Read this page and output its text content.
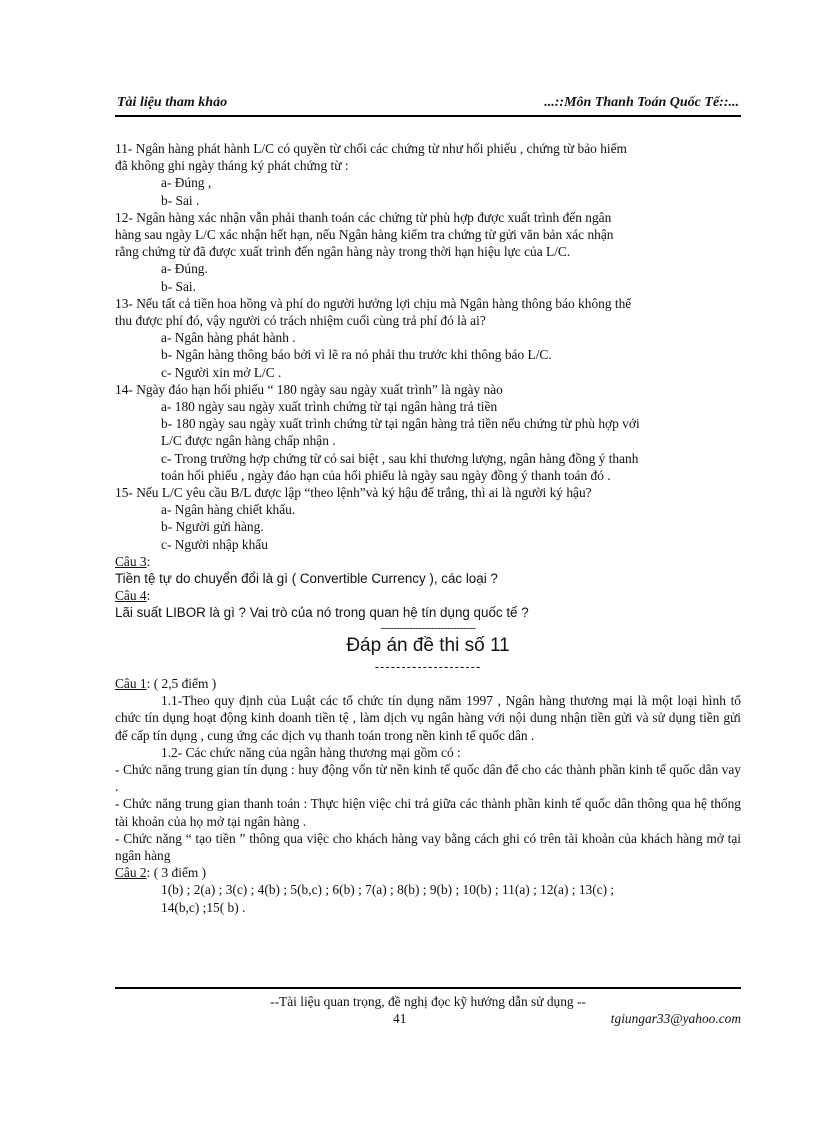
Tài liệu tham khảo	...::Môn Thanh Toán Quốc Tế::...

11- Ngân hàng phát hành L/C có quyền từ chối các chứng từ như hối phiếu , chứng từ bảo hiểm

đã không ghi ngày tháng ký phát chứng từ :

a- Đúng ,

b- Sai .

12- Ngân hàng xác nhận vẫn phải thanh toán các chứng từ phù hợp được xuất trình đến ngân

hàng sau ngày L/C xác nhận hết hạn, nếu Ngân hàng kiểm tra chứng từ gửi văn bản xác nhận

rằng chứng từ đã được xuất trình đến ngân hàng này trong thời hạn hiệu lực của L/C.

a- Đúng.

b- Sai.

13- Nếu tất cả tiền hoa hồng và phí do người hưởng lợi chịu mà Ngân hàng thông báo không thể

thu được phí đó, vậy người có trách nhiệm cuối cùng trả phí đó là ai?

a- Ngân hàng phát hành .

b- Ngân hàng thông báo bởi vì lẽ ra nó phải thu trước khi thông báo L/C.

c- Người xin mở L/C .

14- Ngày đáo hạn hối phiếu “ 180 ngày sau ngày xuất trình” là ngày nào

a- 180 ngày sau ngày xuất trình chứng từ tại ngân hàng trả tiền

b- 180 ngày sau ngày xuất trình chứng từ tại ngân hàng trả tiền nếu chứng từ phù hợp với

L/C được ngân hàng chấp nhận .

c- Trong trường hợp chứng từ có sai biệt , sau khi thương lượng, ngân hàng đồng ý thanh

toán hối phiếu , ngày đáo hạn của hối phiếu là ngày sau ngày đồng ý thanh toán đó .

15- Nếu L/C yêu cầu B/L được lập “theo lệnh”và ký hậu để trắng, thì ai là người ký hậu?

a- Ngân hàng chiết khấu.

b- Người gửi hàng.

c- Người nhập khẩu

Câu 3:

Tiền tệ tự do chuyển đổi là gì ( Convertible Currency ), các loại ?

Câu 4:

Lãi suất LIBOR là gì ? Vai trò của nó trong quan hệ tín dụng quốc tế ?

------------------------------

Đáp án đề thi số 11

--------------------

Câu 1: ( 2,5 điểm )

1.1-Theo quy định của Luật các tổ chức tín dụng năm 1997 , Ngân hàng thương mại là một loại hình tổ chức tín dụng hoạt động kinh doanh tiền tệ , làm dịch vụ ngân hàng với nội dung nhận tiền gửi và sử dụng tiền gửi để cấp tín dụng , cung ứng các dịch vụ thanh toán trong nền kinh tế quốc dân .

1.2- Các chức năng của ngân hàng thương mại gồm có :

- Chức năng trung gian tín dụng : huy động vốn từ nền kinh tế quốc dân để cho các thành phần kinh tế quốc dân vay .

- Chức năng trung gian thanh toán : Thực hiện việc chi trả giữa các thành phần kinh tế quốc dân thông qua hệ thống tài khoản của họ mở tại ngân hàng .

- Chức năng “ tạo tiền ” thông qua việc cho khách hàng vay bằng cách ghi có trên tài khoản của khách hàng mở tại ngân hàng

Câu 2: ( 3 điểm )

1(b) ; 2(a) ; 3(c) ; 4(b) ; 5(b,c) ; 6(b) ; 7(a) ; 8(b) ; 9(b) ; 10(b) ; 11(a) ; 12(a) ; 13(c) ;

14(b,c) ;15( b) .

--Tài liệu quan trọng, đề nghị đọc kỹ hướng dẫn sử dụng --
41	tgiungar33@yahoo.com
